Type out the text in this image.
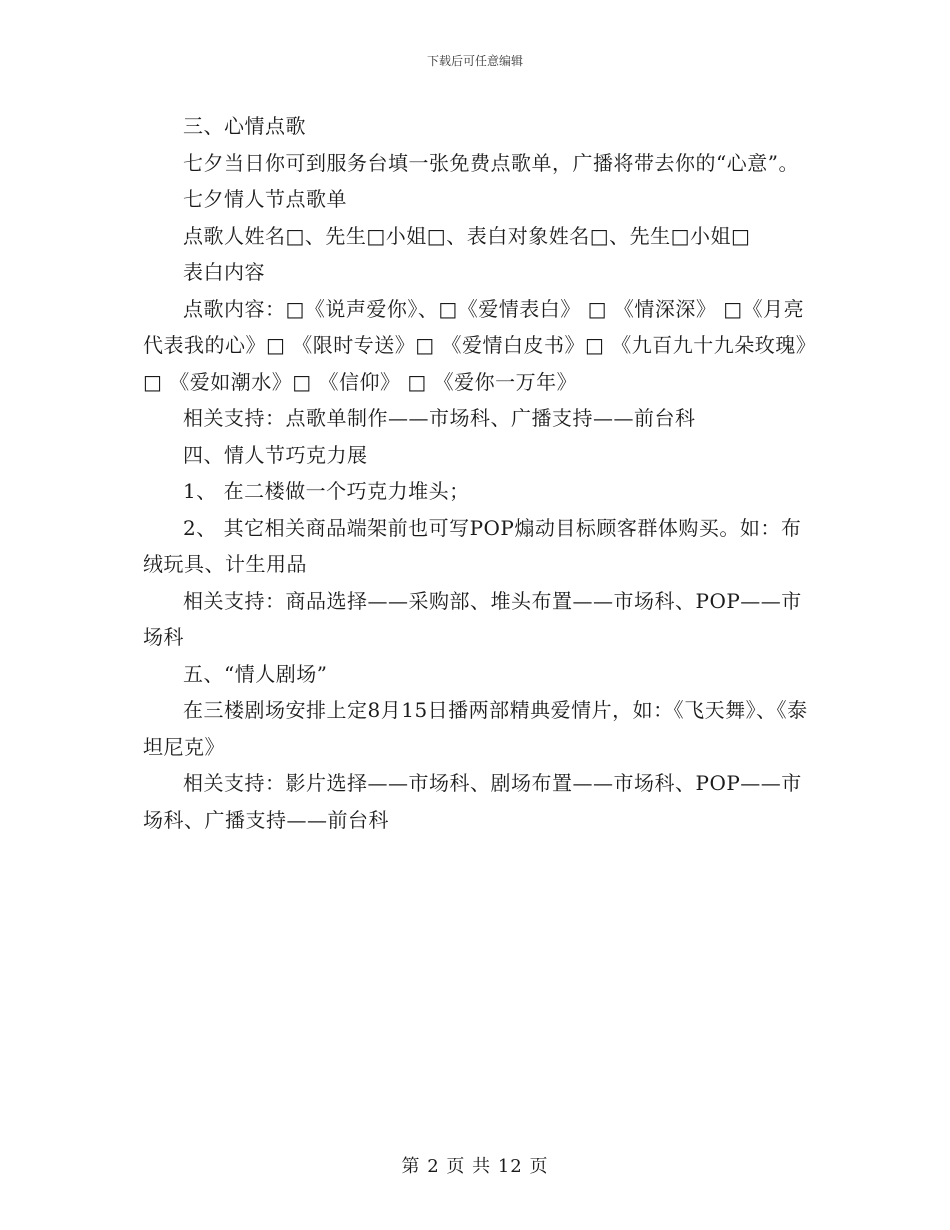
下载后可任意编辑

三、心情点歌

七夕当日你可到服务台填一张免费点歌单，广播将带去你的“心意”。

七夕情人节点歌单

点歌人姓名□、先生□小姐□、表白对象姓名□、先生□小姐□

表白内容

点歌内容：□《说声爱你》、□《爱情表白》 □ 《情深深》 □《月亮代表我的心》□ 《限时专送》□ 《爱情白皮书》□ 《九百九十九朵玫瑰》□ 《爱如潮水》□ 《信仰》 □ 《爱你一万年》

相关支持：点歌单制作——市场科、广播支持——前台科

四、情人节巧克力展

1、 在二楼做一个巧克力堆头；

2、 其它相关商品端架前也可写POP煽动目标顾客群体购买。如：布绒玩具、计生用品

相关支持：商品选择——采购部、堆头布置——市场科、POP——市场科

五、“情人剧场”

在三楼剧场安排上定8月15日播两部精典爱情片，如：《飞天舞》、《泰坦尼克》

相关支持：影片选择——市场科、剧场布置——市场科、POP——市场科、广播支持——前台科

第 2 页 共 12 页
